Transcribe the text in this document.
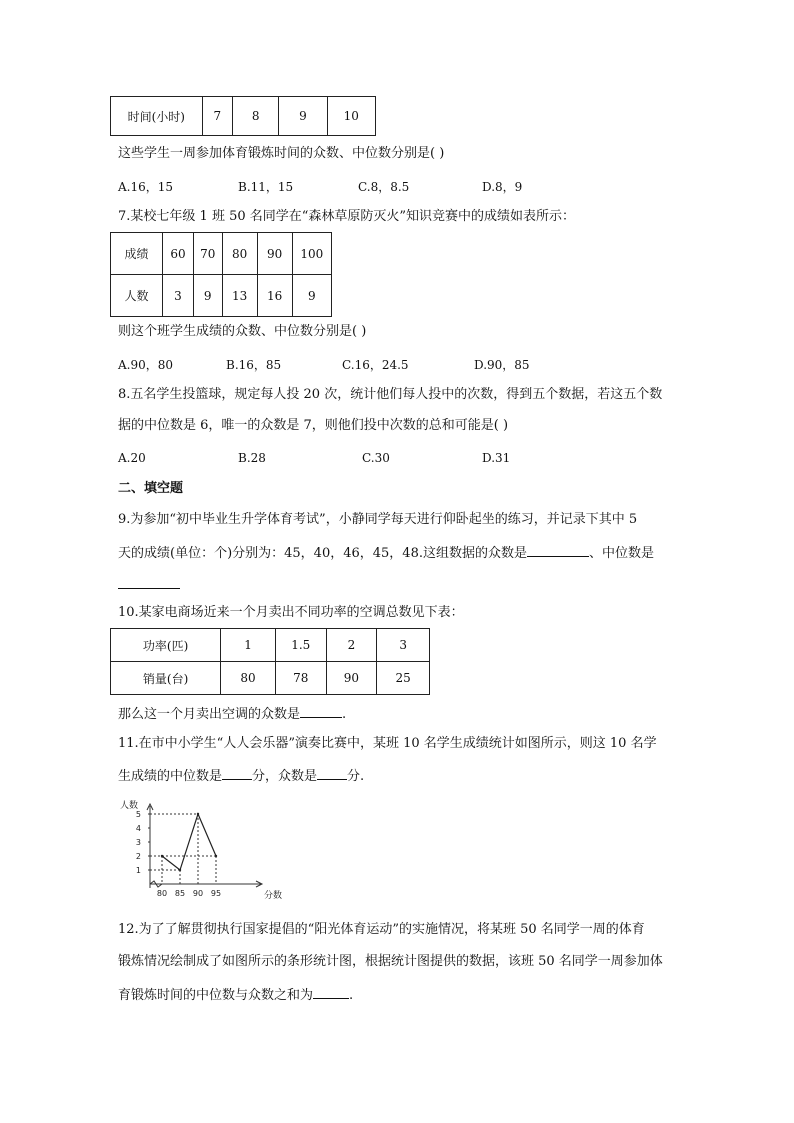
时间(小时)	7	8	9	10
这些学生一周参加体育锻炼时间的众数、中位数分别是( )
A.16，15	B.11，15	C.8，8.5	D.8，9
7.某校七年级 1 班 50 名同学在“森林草原防灭火”知识竞赛中的成绩如表所示：
成绩	60	70	80	90	100
人数	3	9	13	16	9
则这个班学生成绩的众数、中位数分别是( )
A.90，80	B.16，85	C.16，24.5	D.90，85
8.五名学生投篮球，规定每人投 20 次，统计他们每人投中的次数，得到五个数据，若这五个数
据的中位数是 6，唯一的众数是 7，则他们投中次数的总和可能是( )
A.20	B.28	C.30	D.31
二、填空题
9.为参加“初中毕业生升学体育考试”，小静同学每天进行仰卧起坐的练习，并记录下其中 5
天的成绩(单位：个)分别为：45，40，46，45，48.这组数据的众数是	、中位数是
10.某家电商场近来一个月卖出不同功率的空调总数见下表：
功率(匹)	1	1.5	2	3
销量(台)	80	78	90	25
那么这一个月卖出空调的众数是	.
11.在市中小学生“人人会乐器”演奏比赛中，某班 10 名学生成绩统计如图所示，则这 10 名学
生成绩的中位数是 分，众数是 分.
人数
分数
1
2
3
4
5
80 85 90 95
12.为了了解贯彻执行国家提倡的“阳光体育运动”的实施情况，将某班 50 名同学一周的体育
锻炼情况绘制成了如图所示的条形统计图，根据统计图提供的数据，该班 50 名同学一周参加体
育锻炼时间的中位数与众数之和为	.
